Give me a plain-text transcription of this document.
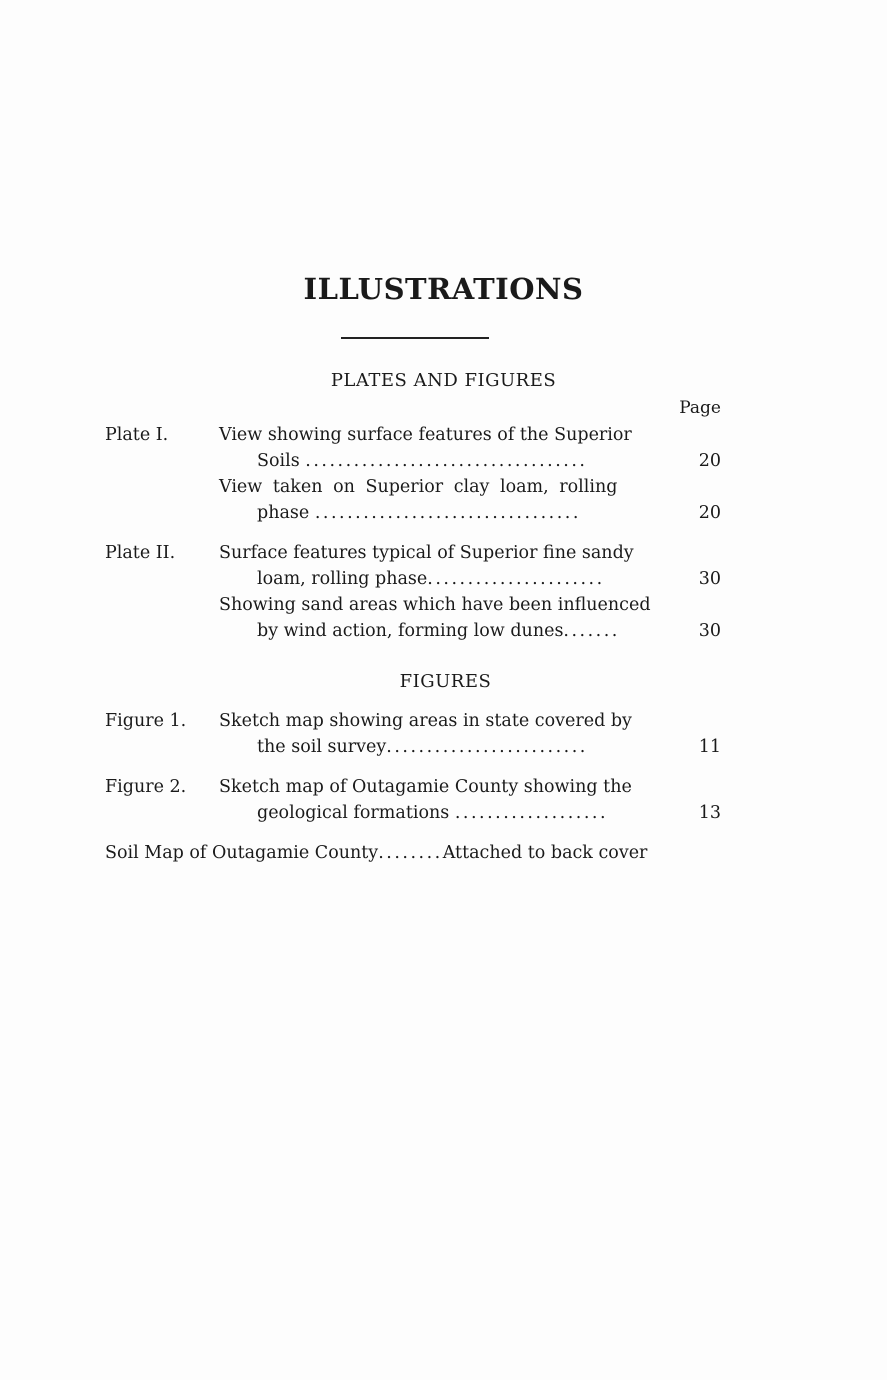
ILLUSTRATIONS
PLATES AND FIGURES
Page
Plate I.	View showing surface features of the Superior
Soils ...................................	20
View taken on Superior clay loam, rolling
phase .................................	20
Plate II.	Surface features typical of Superior fine sandy
loam, rolling phase......................	30
Showing sand areas which have been influenced
by wind action, forming low dunes.......	30
FIGURES
Figure 1. Sketch map showing areas in state covered by
the soil survey.........................	11
Figure 2. Sketch map of Outagamie County showing the
geological formations ...................	13
Soil Map of Outagamie County........Attached to back cover
